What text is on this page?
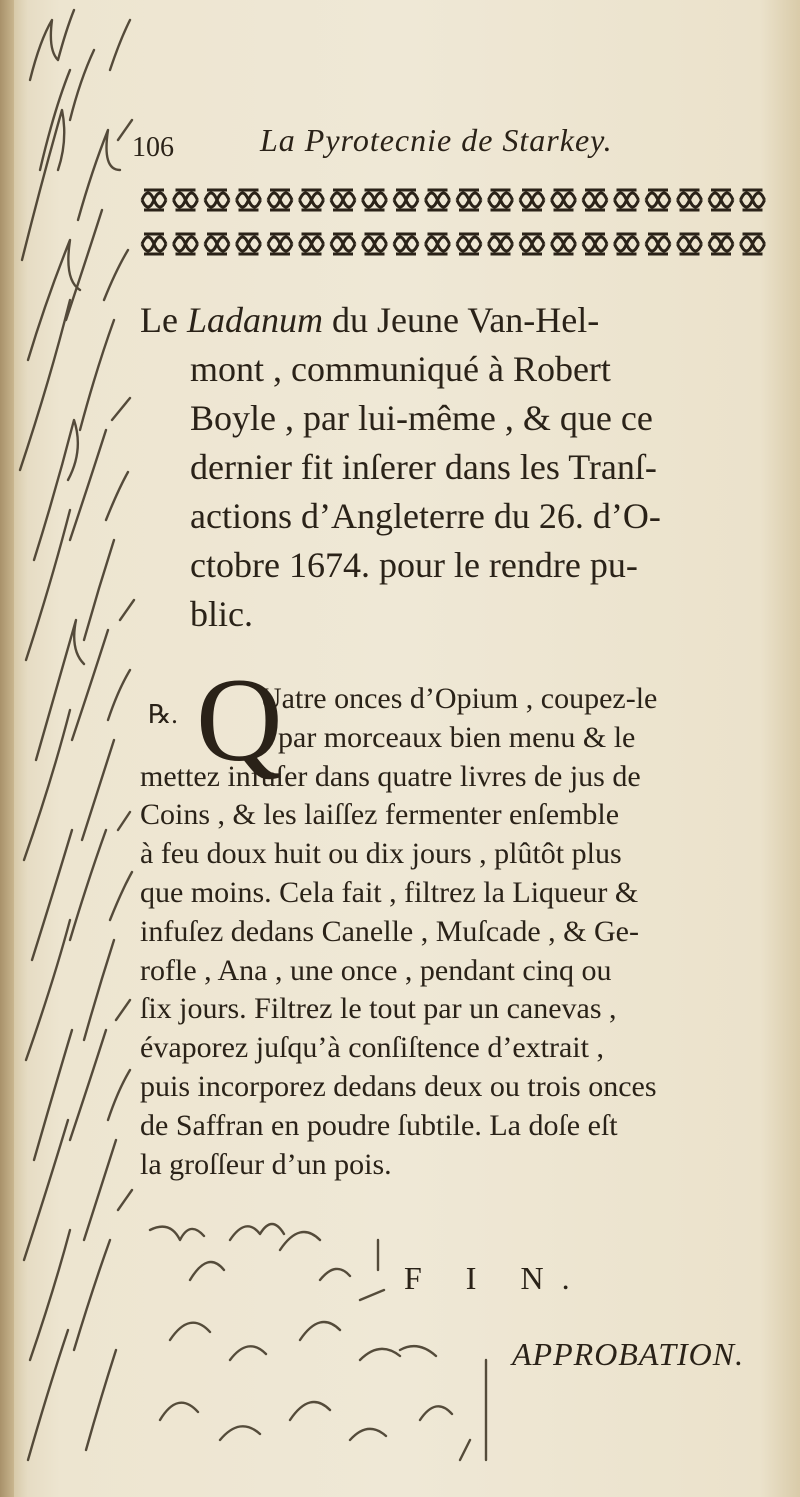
106	La Pyrotecnie de Starkey.
Le Ladanum du Jeune Van-Hel-
mont , communiqué à Robert
Boyle , par lui-même , & que ce
dernier fit inſerer dans les Tranſ-
actions d’Angleterre du 26. d’O-
ctobre 1674. pour le rendre pu-
blic.
℞. Q
Uatre onces d’Opium , coupez-le
par morceaux bien menu & le
mettez infuſer dans quatre livres de jus de
Coins , & les laiſſez fermenter enſemble
à feu doux huit ou dix jours , plûtôt plus
que moins. Cela fait , filtrez la Liqueur &
infuſez dedans Canelle , Muſcade , & Ge-
rofle , Ana , une once , pendant cinq ou
ſix jours. Filtrez le tout par un canevas ,
évaporez juſqu’à conſiſtence d’extrait ,
puis incorporez dedans deux ou trois onces
de Saffran en poudre ſubtile. La doſe eſt
la groſſeur d’un pois.
F I N.
APPROBATION.
